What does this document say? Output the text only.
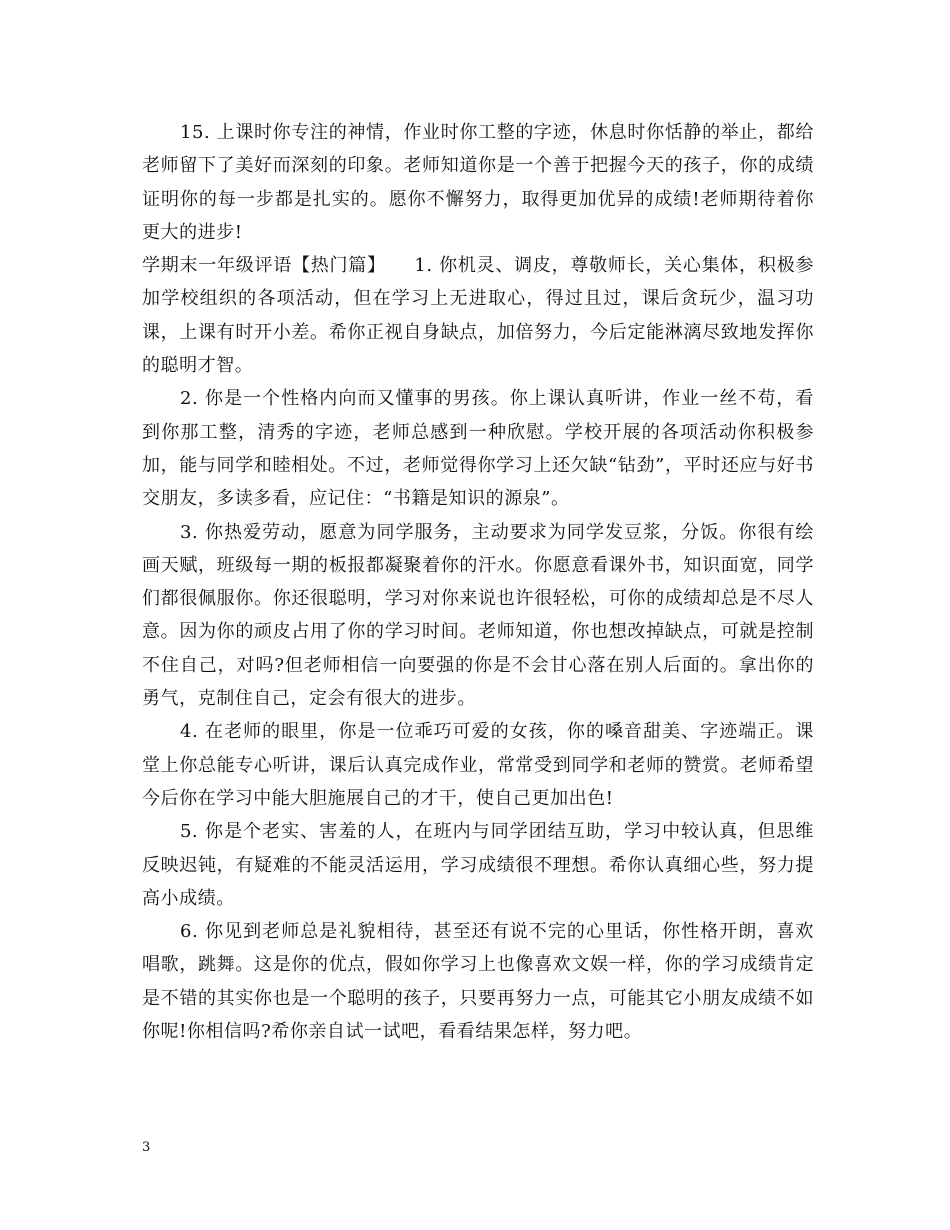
15. 上课时你专注的神情，作业时你工整的字迹，休息时你恬静的举止，都给老师留下了美好而深刻的印象。老师知道你是一个善于把握今天的孩子，你的成绩证明你的每一步都是扎实的。愿你不懈努力，取得更加优异的成绩!老师期待着你更大的进步!

学期末一年级评语【热门篇】　　1. 你机灵、调皮，尊敬师长，关心集体，积极参加学校组织的各项活动，但在学习上无进取心，得过且过，课后贪玩少，温习功课，上课有时开小差。希你正视自身缺点，加倍努力，今后定能淋漓尽致地发挥你的聪明才智。

2. 你是一个性格内向而又懂事的男孩。你上课认真听讲，作业一丝不苟，看到你那工整，清秀的字迹，老师总感到一种欣慰。学校开展的各项活动你积极参加，能与同学和睦相处。不过，老师觉得你学习上还欠缺“钻劲”，平时还应与好书交朋友，多读多看，应记住：“书籍是知识的源泉”。

3. 你热爱劳动，愿意为同学服务，主动要求为同学发豆浆，分饭。你很有绘画天赋，班级每一期的板报都凝聚着你的汗水。你愿意看课外书，知识面宽，同学们都很佩服你。你还很聪明，学习对你来说也许很轻松，可你的成绩却总是不尽人意。因为你的顽皮占用了你的学习时间。老师知道，你也想改掉缺点，可就是控制不住自己，对吗?但老师相信一向要强的你是不会甘心落在别人后面的。拿出你的勇气，克制住自己，定会有很大的进步。

4. 在老师的眼里，你是一位乖巧可爱的女孩，你的嗓音甜美、字迹端正。课堂上你总能专心听讲，课后认真完成作业，常常受到同学和老师的赞赏。老师希望今后你在学习中能大胆施展自己的才干，使自己更加出色!

5. 你是个老实、害羞的人，在班内与同学团结互助，学习中较认真，但思维反映迟钝，有疑难的不能灵活运用，学习成绩很不理想。希你认真细心些，努力提高小成绩。

6. 你见到老师总是礼貌相待，甚至还有说不完的心里话，你性格开朗，喜欢唱歌，跳舞。这是你的优点，假如你学习上也像喜欢文娱一样，你的学习成绩肯定是不错的其实你也是一个聪明的孩子，只要再努力一点，可能其它小朋友成绩不如你呢!你相信吗?希你亲自试一试吧，看看结果怎样，努力吧。

3
